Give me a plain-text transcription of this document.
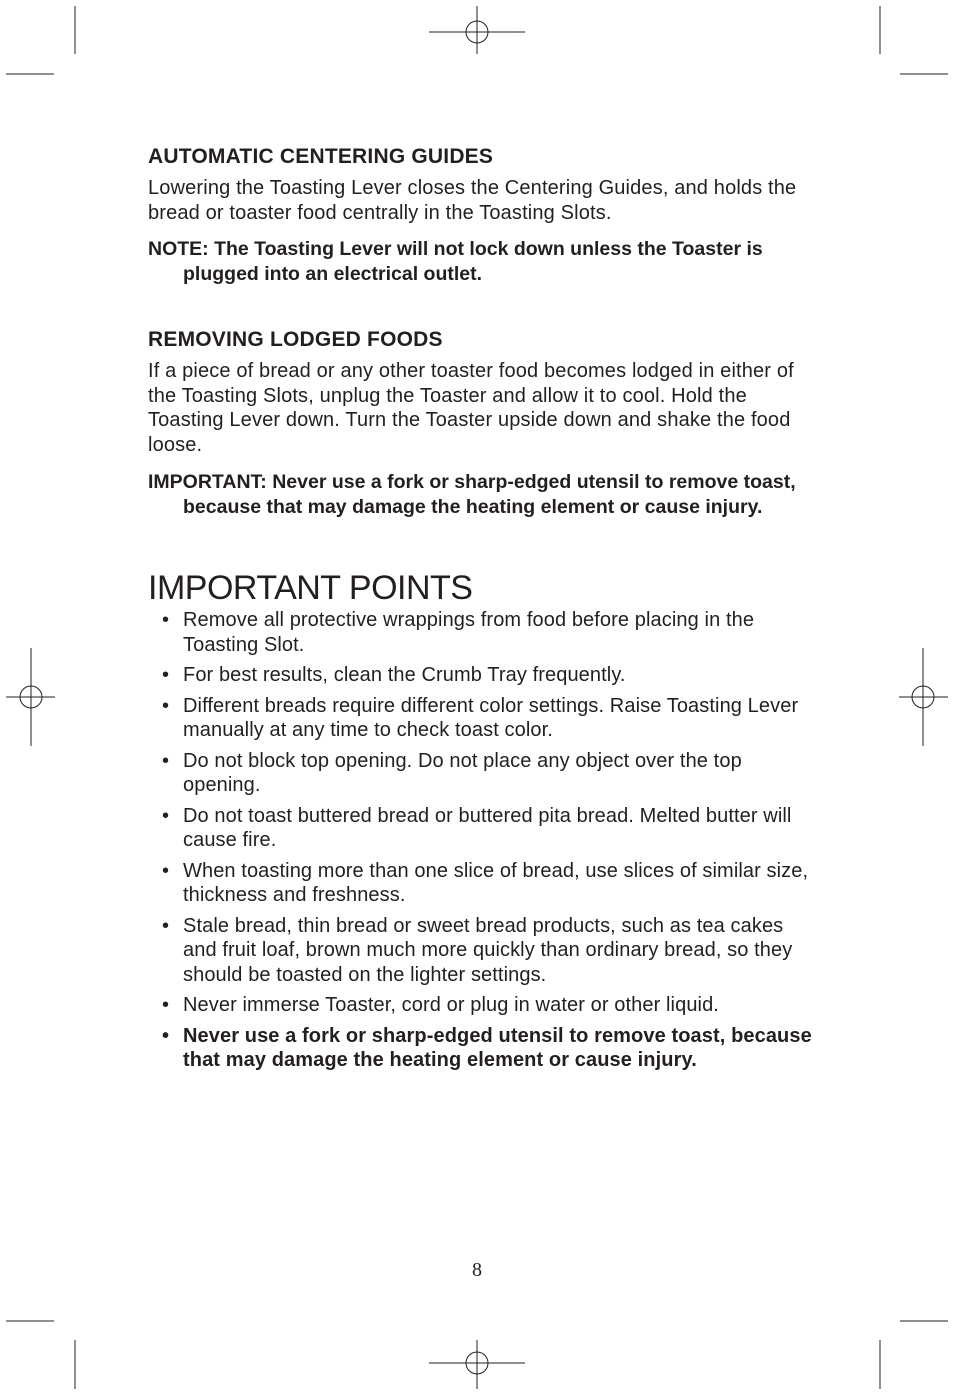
AUTOMATIC CENTERING GUIDES
Lowering the Toasting Lever closes the Centering Guides, and holds the bread or toaster food centrally in the Toasting Slots.
NOTE: The Toasting Lever will not lock down unless the Toaster is plugged into an electrical outlet.
REMOVING LODGED FOODS
If a piece of bread or any other toaster food becomes lodged in either of the Toasting Slots, unplug the Toaster and allow it to cool. Hold the Toasting Lever down. Turn the Toaster upside down and shake the food loose.
IMPORTANT: Never use a fork or sharp-edged utensil to remove toast, because that may damage the heating element or cause injury.
IMPORTANT POINTS
• Remove all protective wrappings from food before placing in the Toasting Slot.
• For best results, clean the Crumb Tray frequently.
• Different breads require different color settings. Raise Toasting Lever manually at any time to check toast color.
• Do not block top opening. Do not place any object over the top opening.
• Do not toast buttered bread or buttered pita bread. Melted butter will cause fire.
• When toasting more than one slice of bread, use slices of similar size, thickness and freshness.
• Stale bread, thin bread or sweet bread products, such as tea cakes and fruit loaf, brown much more quickly than ordinary bread, so they should be toasted on the lighter settings.
• Never immerse Toaster, cord or plug in water or other liquid.
• Never use a fork or sharp-edged utensil to remove toast, because that may damage the heating element or cause injury.
8
